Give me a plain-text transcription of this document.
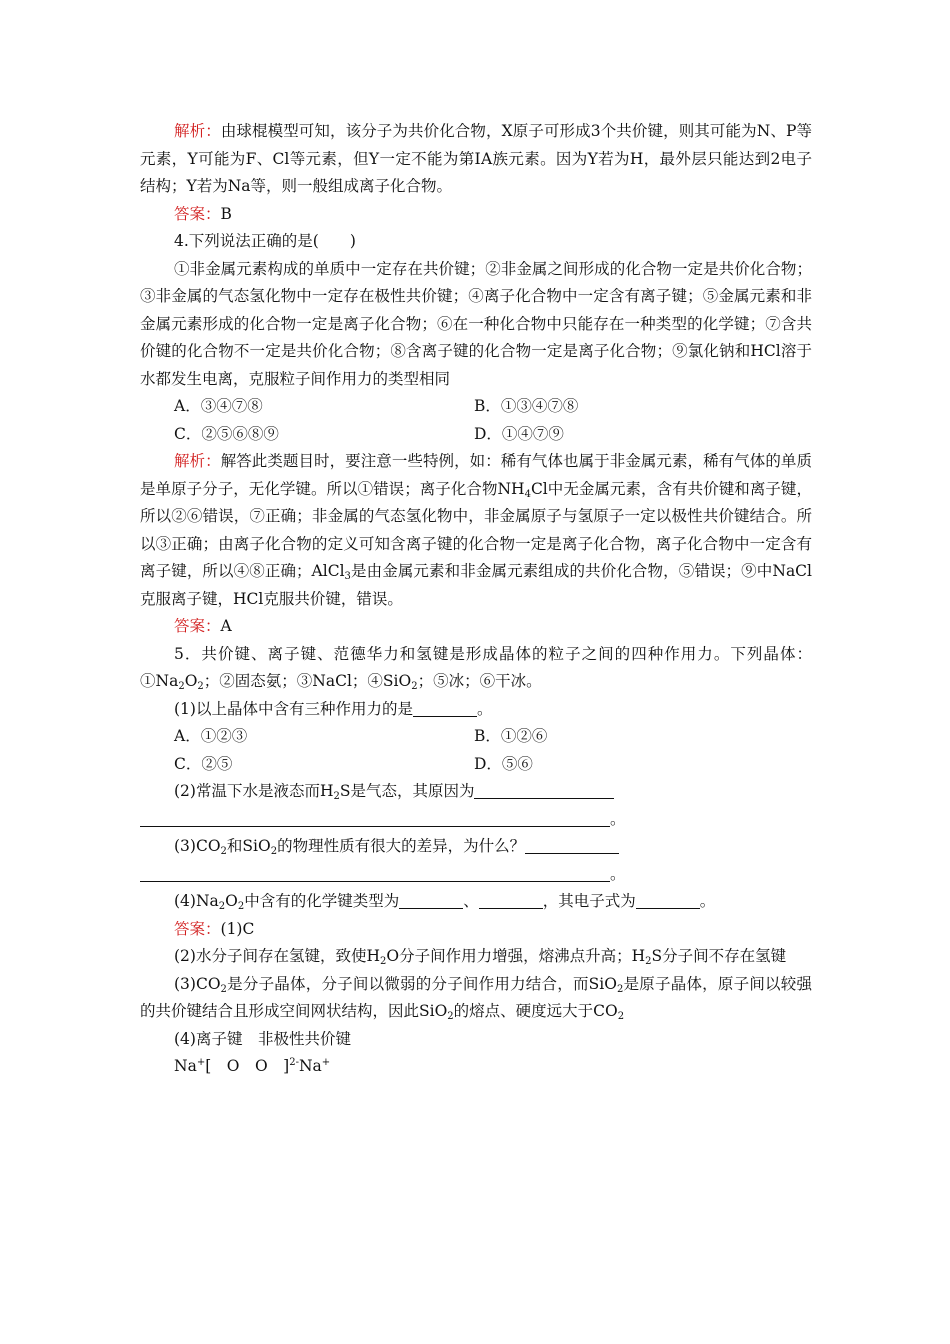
解析：由球棍模型可知，该分子为共价化合物，X原子可形成3个共价键，则其可能为N、P等元素，Y可能为F、Cl等元素，但Y一定不能为第ⅠA族元素。因为Y若为H，最外层只能达到2电子结构；Y若为Na等，则一般组成离子化合物。

答案：B

4.下列说法正确的是(　　)

①非金属元素构成的单质中一定存在共价键；②非金属之间形成的化合物一定是共价化合物；③非金属的气态氢化物中一定存在极性共价键；④离子化合物中一定含有离子键；⑤金属元素和非金属元素形成的化合物一定是离子化合物；⑥在一种化合物中只能存在一种类型的化学键；⑦含共价键的化合物不一定是共价化合物；⑧含离子键的化合物一定是离子化合物；⑨氯化钠和HCl溶于水都发生电离，克服粒子间作用力的类型相同

A．③④⑦⑧	B．①③④⑦⑧
C．②⑤⑥⑧⑨	D．①④⑦⑨

解析：解答此类题目时，要注意一些特例，如：稀有气体也属于非金属元素，稀有气体的单质是单原子分子，无化学键。所以①错误；离子化合物$NH_4Cl$中无金属元素，含有共价键和离子键，所以②⑥错误，⑦正确；非金属的气态氢化物中，非金属原子与氢原子一定以极性共价键结合。所以③正确；由离子化合物的定义可知含离子键的化合物一定是离子化合物，离子化合物中一定含有离子键，所以④⑧正确；AlCl$_3$是由金属元素和非金属元素组成的共价化合物，⑤错误；⑨中NaCl克服离子键，HCl克服共价键，错误。

答案：A

5．共价键、离子键、范德华力和氢键是形成晶体的粒子之间的四种作用力。下列晶体：$①Na_2O_2$；②固态氨；③NaCl；④SiO$_2$；⑤冰；⑥干冰。

(1)以上晶体中含有三种作用力的是	。

A．①②③	B．①②⑥
C．②⑤	D．⑤⑥

(2)常温下水是液态而$H_2S$是气态，其原因为

。

$(3)CO_2$和SiO$_2$的物理性质有很大的差异，为什么？

。

$(4)Na_2O_2$中含有的化学键类型为	、	，其电子式为	。

答案：(1)C

(2)水分子间存在氢键，致使$H_2O$分子间作用力增强，熔沸点升高；$H_2S$分子间不存在氢键

$(3)CO_2$是分子晶体，分子间以微弱的分子间作用力结合，而SiO$_2$是原子晶体，原子间以较强的共价键结合且形成空间网状结构，因此SiO$_2$的熔点、硬度远大于$CO_2$

(4)离子键　非极性共价键

Na+[　O　O　]$^{2-}$Na+
